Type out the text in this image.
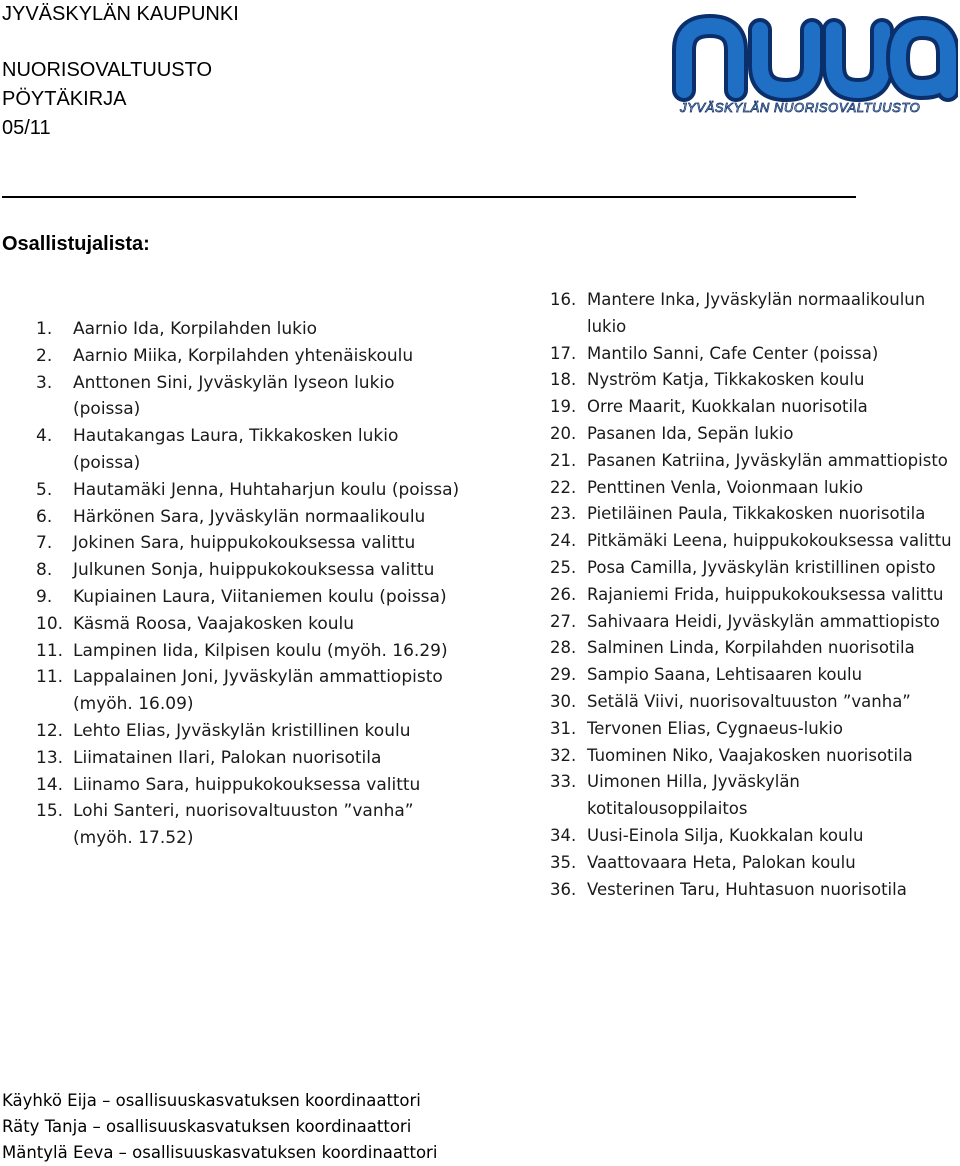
JYVÄSKYLÄN KAUPUNKI
NUORISOVALTUUSTO
PÖYTÄKIRJA
05/11
JYVÄSKYLÄN NUORISOVALTUUSTO
Osallistujalista:
1. Aarnio Ida, Korpilahden lukio
2. Aarnio Miika, Korpilahden yhtenäiskoulu
3. Anttonen Sini, Jyväskylän lyseon lukio (poissa)
4. Hautakangas Laura, Tikkakosken lukio (poissa)
5. Hautamäki Jenna, Huhtaharjun koulu (poissa)
6. Härkönen Sara, Jyväskylän normaalikoulu
7. Jokinen Sara, huippukokouksessa valittu
8. Julkunen Sonja, huippukokouksessa valittu
9. Kupiainen Laura, Viitaniemen koulu (poissa)
10. Käsmä Roosa, Vaajakosken koulu
11. Lampinen Iida, Kilpisen koulu (myöh. 16.29)
11. Lappalainen Joni, Jyväskylän ammattiopisto (myöh. 16.09)
12. Lehto Elias, Jyväskylän kristillinen koulu
13. Liimatainen Ilari, Palokan nuorisotila
14. Liinamo Sara, huippukokouksessa valittu
15. Lohi Santeri, nuorisovaltuuston ”vanha” (myöh. 17.52)
16. Mantere Inka, Jyväskylän normaalikoulun lukio
17. Mantilo Sanni, Cafe Center (poissa)
18. Nyström Katja, Tikkakosken koulu
19. Orre Maarit, Kuokkalan nuorisotila
20. Pasanen Ida, Sepän lukio
21. Pasanen Katriina, Jyväskylän ammattiopisto
22. Penttinen Venla, Voionmaan lukio
23. Pietiläinen Paula, Tikkakosken nuorisotila
24. Pitkämäki Leena, huippukokouksessa valittu
25. Posa Camilla, Jyväskylän kristillinen opisto
26. Rajaniemi Frida, huippukokouksessa valittu
27. Sahivaara Heidi, Jyväskylän ammattiopisto
28. Salminen Linda, Korpilahden nuorisotila
29. Sampio Saana, Lehtisaaren koulu
30. Setälä Viivi, nuorisovaltuuston ”vanha”
31. Tervonen Elias, Cygnaeus-lukio
32. Tuominen Niko, Vaajakosken nuorisotila
33. Uimonen Hilla, Jyväskylän kotitalousoppilaitos
34. Uusi-Einola Silja, Kuokkalan koulu
35. Vaattovaara Heta, Palokan koulu
36. Vesterinen Taru, Huhtasuon nuorisotila
Käyhkö Eija – osallisuuskasvatuksen koordinaattori
Räty Tanja – osallisuuskasvatuksen koordinaattori
Mäntylä Eeva – osallisuuskasvatuksen koordinaattori
